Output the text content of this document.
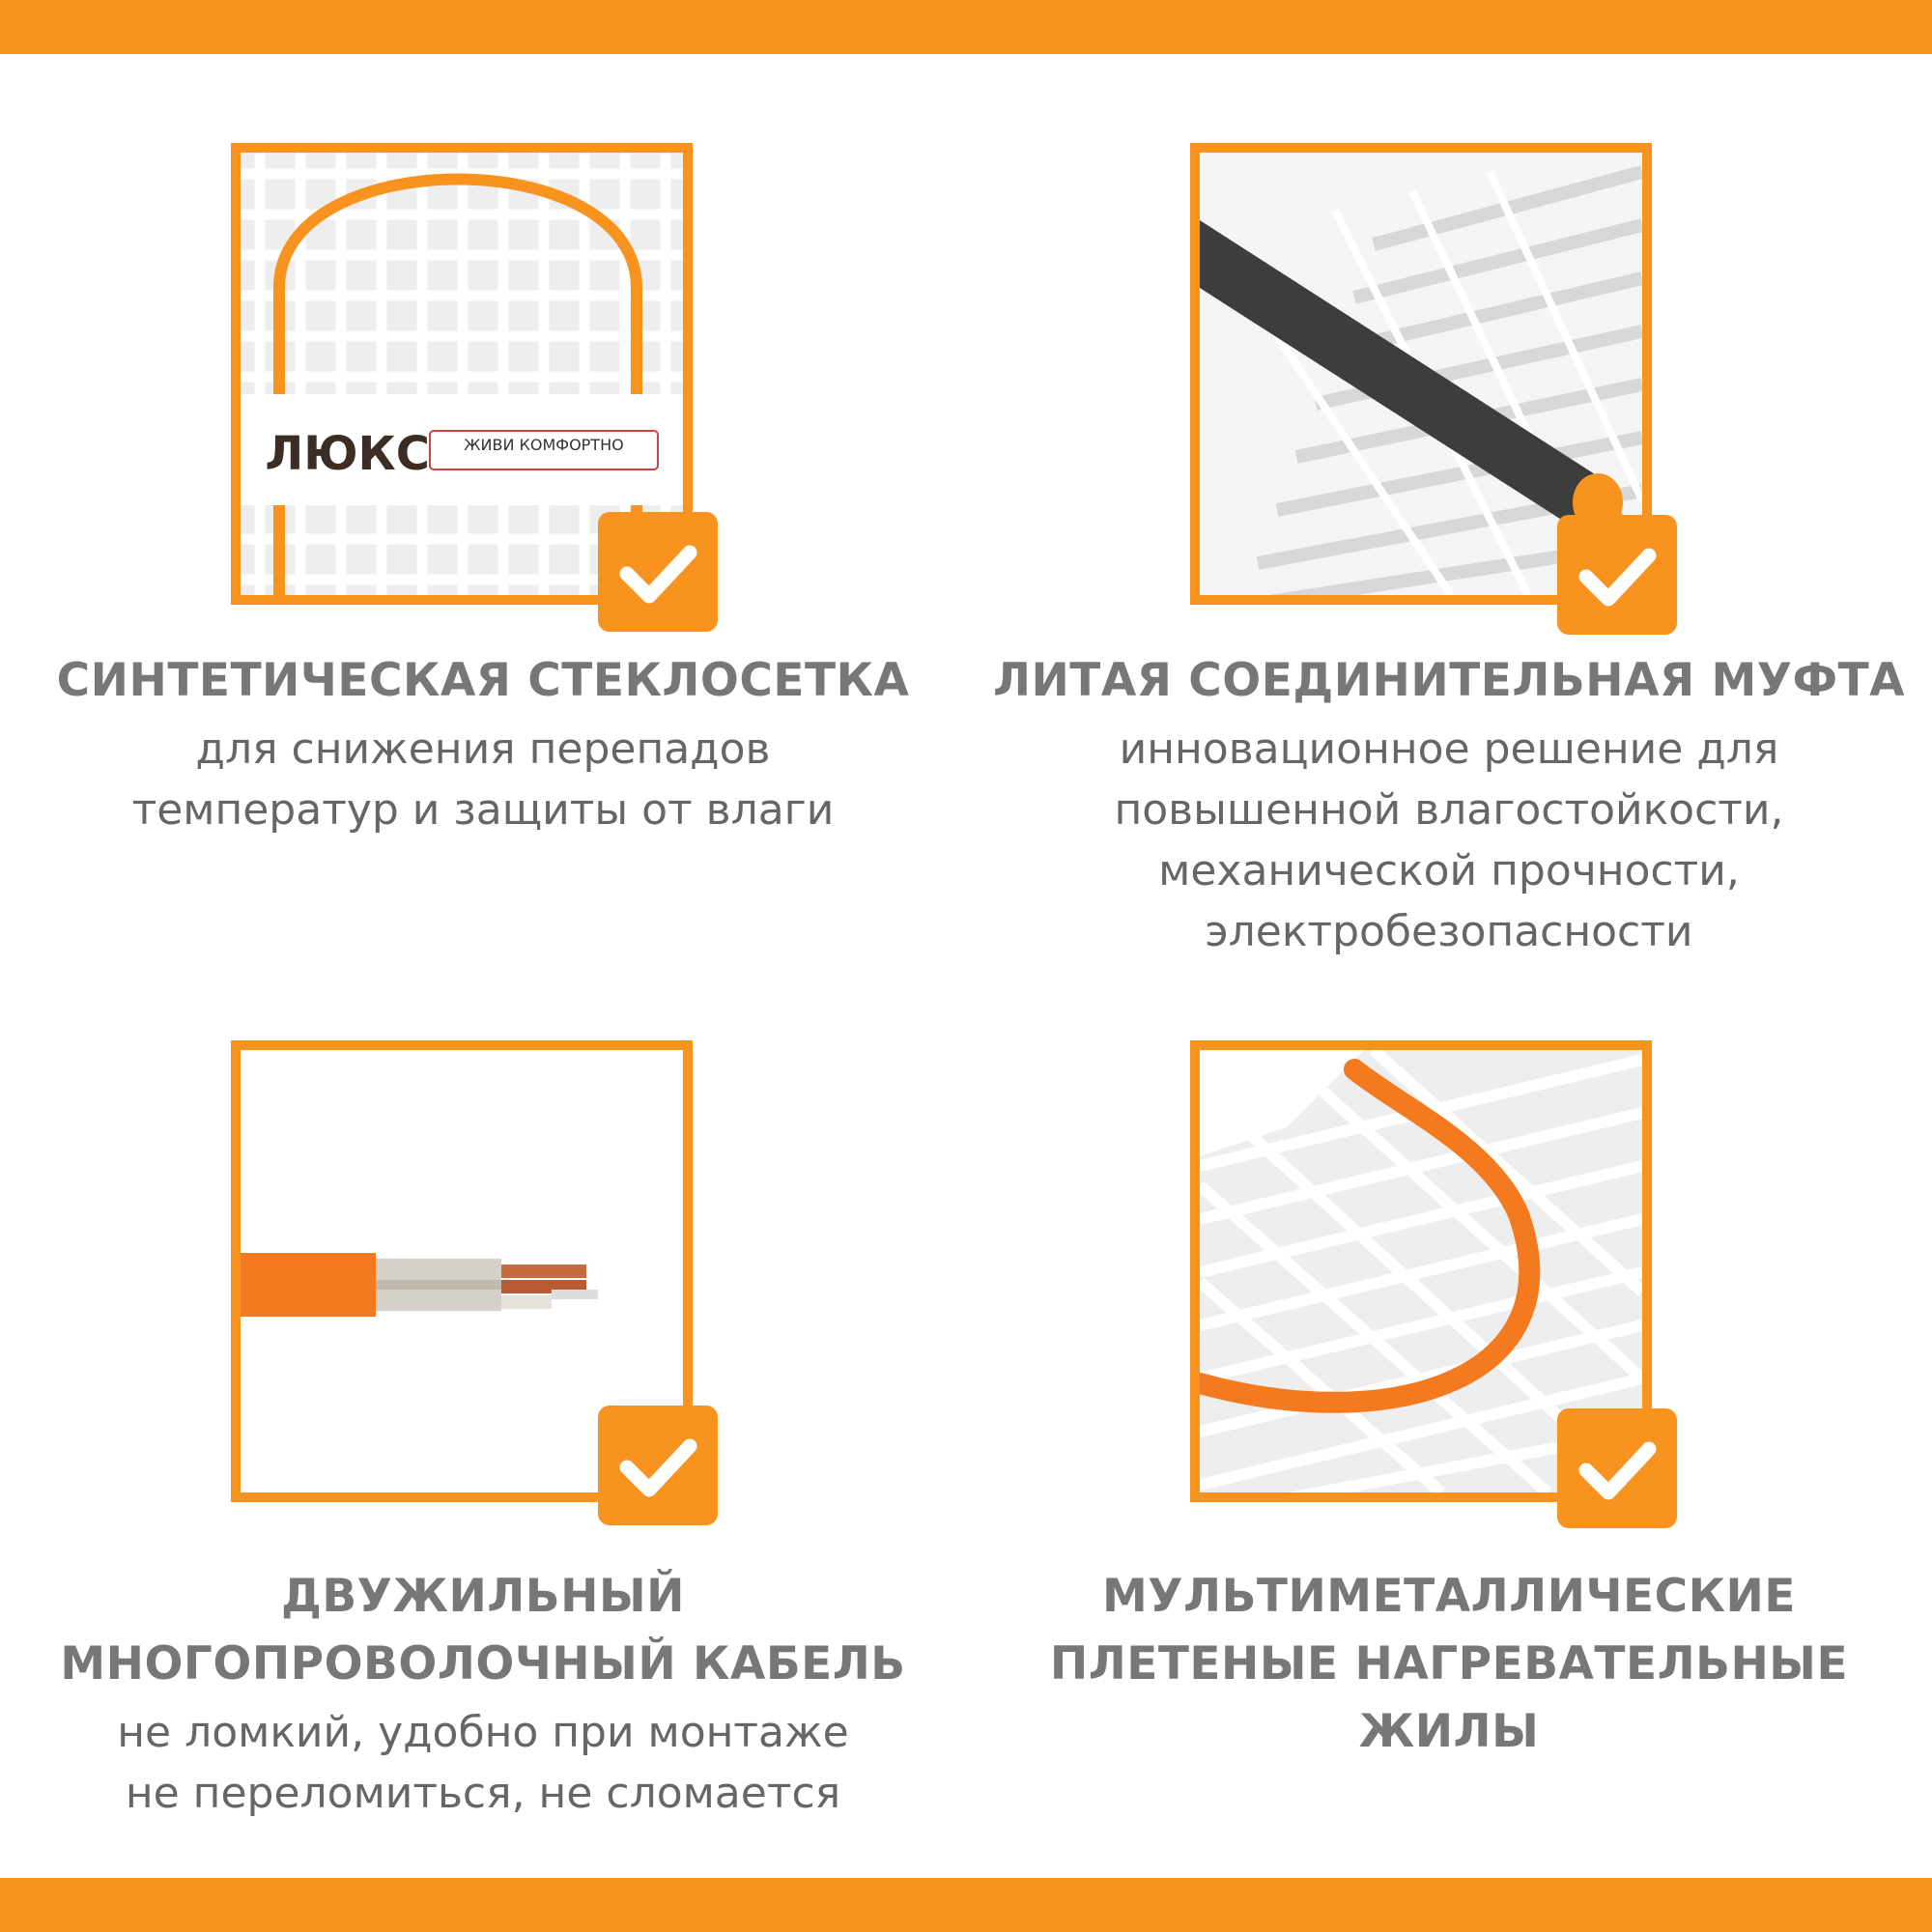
ЛЮКС	ЖИВИ КОМФОРТНО
СИНТЕТИЧЕСКАЯ СТЕКЛОСЕТКА
для снижения перепадов
температур и защиты от влаги
ЛИТАЯ СОЕДИНИТЕЛЬНАЯ МУФТА
инновационное решение для
повышенной влагостойкости,
механической прочности,
электробезопасности
ДВУЖИЛЬНЫЙ
МНОГОПРОВОЛОЧНЫЙ КАБЕЛЬ
не ломкий, удобно при монтаже
не переломиться, не сломается
МУЛЬТИМЕТАЛЛИЧЕСКИЕ
ПЛЕТЕНЫЕ НАГРЕВАТЕЛЬНЫЕ
ЖИЛЫ
